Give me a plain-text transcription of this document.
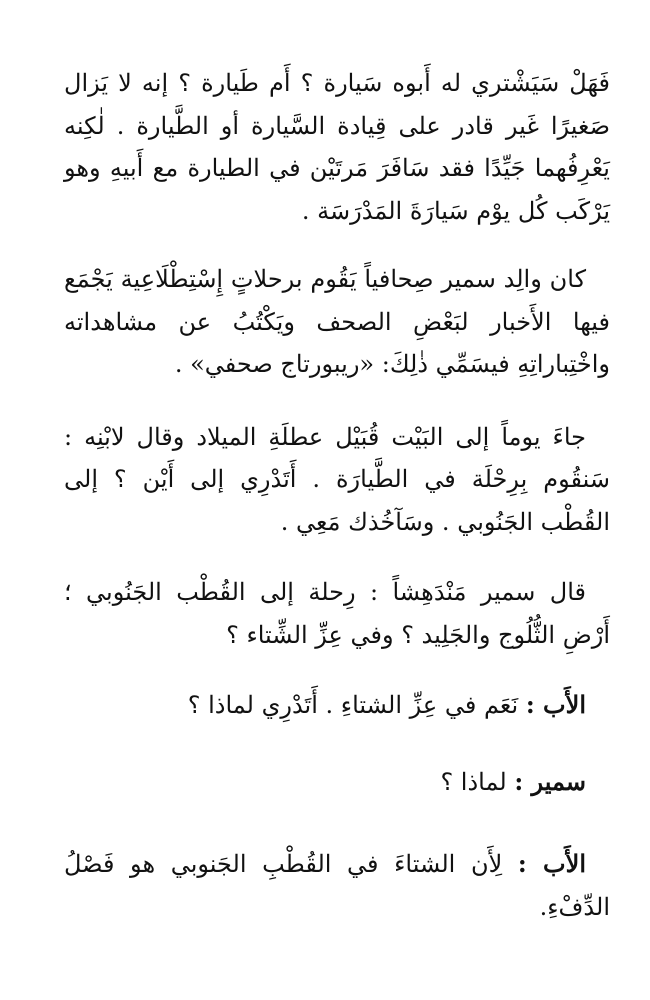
فَهَلْ سَيَشْتري له أَبوه سَيارة ؟ أَم طَيارة ؟ إنه لا يَزال صَغيرًا غَير قادر على قِيادة السَّيارة أو الطَّيارة . لٰكِنه يَعْرِفُهما جَيِّدًا فقد سَافَرَ مَرتَيْن في الطيارة مع أَبيهِ وهو يَرْكَب كُل يوْم سَيارَةَ المَدْرَسَة .

كان والِد سمير صِحافياً يَقُوم برحلاتٍ إِسْتِطْلَاعِية يَجْمَع فيها الأَخبار لبَعْضِ الصحف ويَكْتُبُ عن مشاهداته واخْتِباراتِهِ فيسَمِّي ذٰلِكَ: «ريبورتاج صحفي» .

جاءَ يوماً إلى البَيْت قُبَيْل عطلَةِ الميلاد وقال لابْنِه : سَنقُوم بِرِحْلَة في الطَّيارَة . أَتَدْرِي إلى أَيْن ؟ إلى القُطْب الجَنُوبي . وسَآخُذك مَعِي .

قال سمير مَنْدَهِشاً : رِحلة إلى القُطْب الجَنُوبي ؛ أَرْضِ الثُّلُوج والجَلِيد ؟ وفي عِزِّ الشِّتاء ؟

الأَب : نَعَم في عِزِّ الشتاءِ . أَتَدْرِي لماذا ؟

سمير : لماذا ؟

الأَب : لِأَن الشتاءَ في القُطْبِ الجَنوبي هو فَصْلُ الدِّفْءِ.
